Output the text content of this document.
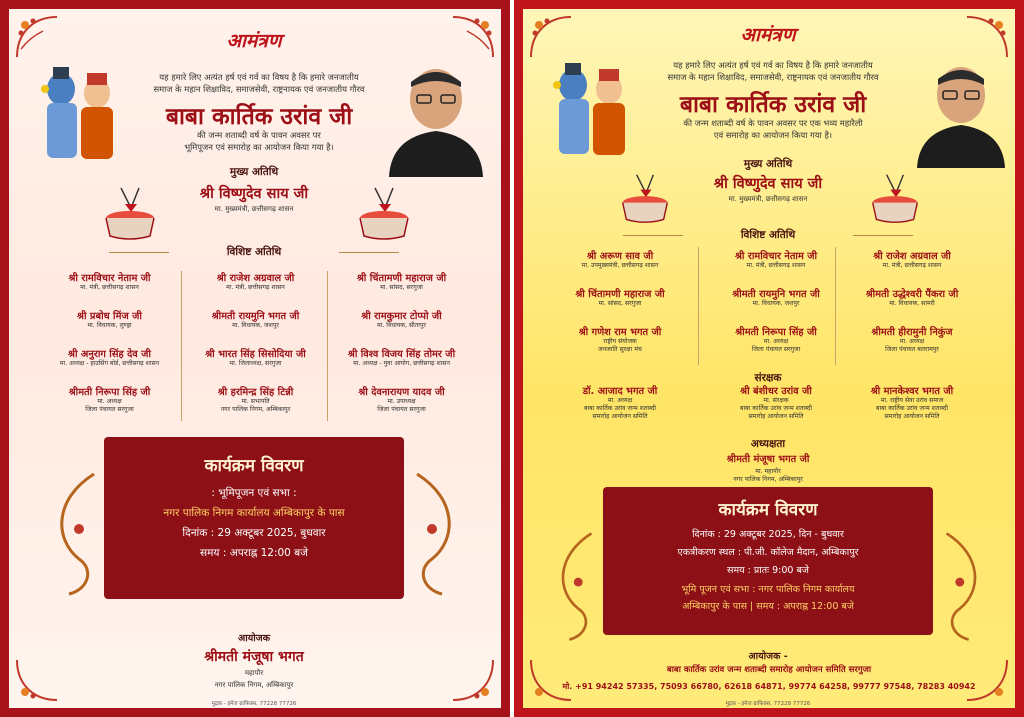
आमंत्रण
यह हमारे लिए अत्यंत हर्ष एवं गर्व का विषय है कि हमारे जनजातीय
समाज के महान शिक्षाविद, समाजसेवी, राष्ट्रनायक एवं जनजातीय गौरव
बाबा कार्तिक उरांव जी
की जन्म शताब्दी वर्ष के पावन अवसर पर
भूमिपूजन एवं समारोह का आयोजन किया गया है।
मुख्य अतिथि
श्री विष्णुदेव साय जी
मा. मुख्यमंत्री, छत्तीसगढ़ शासन
विशिष्ट अतिथि
श्री रामविचार नेताम जी
मा. मंत्री, छत्तीसगढ़ शासन
श्री राजेश अग्रवाल जी
मा. मंत्री, छत्तीसगढ़ शासन
श्री चिंतामणी महाराज जी
मा. सांसद, सरगुजा
श्री प्रबोध मिंज जी
मा. विधायक, लुण्ड्रा
श्रीमती रायमुनि भगत जी
मा. विधायक, जशपुर
श्री रामकुमार टोप्पो जी
मा. विधायक, सीतापुर
श्री अनुराग सिंह देव जी
मा. अध्यक्ष - हाउसिंग बोर्ड, छत्तीसगढ़ शासन
श्री भारत सिंह सिसोदिया जी
मा. जिलाध्यक्ष, सरगुजा
श्री विश्व विजय सिंह तोमर जी
मा. अध्यक्ष - युवा आयोग, छत्तीसगढ़ शासन
श्रीमती निरूपा सिंह जी
मा. अध्यक्ष
जिला पंचायत सरगुजा
श्री हरमिन्द्र सिंह टिन्नी
मा. सभापति
नगर पालिक निगम, अम्बिकापुर
श्री देवनारायण यादव जी
मा. उपाध्यक्ष
जिला पंचायत सरगुजा
कार्यक्रम विवरण
: भूमिपूजन एवं सभा :
नगर पालिक निगम कार्यालय अम्बिकापुर के पास
दिनांक : 29 अक्टूबर 2025, बुधवार
समय : अपराह्न 12:00 बजे
आयोजक
श्रीमती मंजूषा भगत
महापौर
नगर पालिक निगम, अम्बिकापुर
मुद्रक - इमेज ग्राफिक्स, 77228 77726
आमंत्रण
यह हमारे लिए अत्यंत हर्ष एवं गर्व का विषय है कि हमारे जनजातीय
समाज के महान शिक्षाविद, समाजसेवी, राष्ट्रनायक एवं जनजातीय गौरव
बाबा कार्तिक उरांव जी
की जन्म शताब्दी वर्ष के पावन अवसर पर एक भव्य महारैली
एवं समारोह का आयोजन किया गया है।
मुख्य अतिथि
श्री विष्णुदेव साय जी
मा. मुख्यमंत्री, छत्तीसगढ़ शासन
विशिष्ट अतिथि
श्री अरूण साव जी
मा. उपमुख्यमंत्री, छत्तीसगढ़ शासन
श्री रामविचार नेताम जी
मा. मंत्री, छत्तीसगढ़ शासन
श्री राजेश अग्रवाल जी
मा. मंत्री, छत्तीसगढ़ शासन
श्री चिंतामणी महाराज जी
मा. सांसद, सरगुजा
श्रीमती रायमुनि भगत जी
मा. विधायक, जशपुर
श्रीमती उद्धेश्वरी पैंकरा जी
मा. विधायक, सामरी
श्री गणेश राम भगत जी
राष्ट्रीय संयोजक
जनजाति सुरक्षा मंच
श्रीमती निरूपा सिंह जी
मा. अध्यक्ष
जिला पंचायत सरगुजा
श्रीमती हीरामुनी निकुंज
मा. अध्यक्ष
जिला पंचायत बलरामपुर
संरक्षक
डॉ. आजाद भगत जी
मा. अध्यक्ष
बाबा कार्तिक उरांव जन्म शताब्दी
समारोह आयोजन समिति
श्री बंशीधर उरांव जी
मा. संरक्षक
बाबा कार्तिक उरांव जन्म शताब्दी
समारोह आयोजन समिति
श्री मानकेश्वर भगत जी
मा. राष्ट्रीय सेवा उरांव समाज
बाबा कार्तिक उरांव जन्म शताब्दी
समारोह आयोजन समिति
अध्यक्षता
श्रीमती मंजूषा भगत जी
मा. महापौर
नगर पालिक निगम, अम्बिकापुर
कार्यक्रम विवरण
दिनांक : 29 अक्टूबर 2025, दिन - बुधवार
एकत्रीकरण स्थल : पी.जी. कॉलेज मैदान, अम्बिकापुर
समय : प्रातः 9:00 बजे
भूमि पूजन एवं सभा : नगर पालिक निगम कार्यालय
अम्बिकापुर के पास | समय : अपराह्न 12:00 बजे
आयोजक -
बाबा कार्तिक उरांव जन्म शताब्दी समारोह आयोजन समिति सरगुजा
मो. +91 94242 57335, 75093 66780, 62618 64871, 99774 64258, 99777 97548, 78283 40942
मुद्रक - इमेज ग्राफिक्स, 77228 77726
